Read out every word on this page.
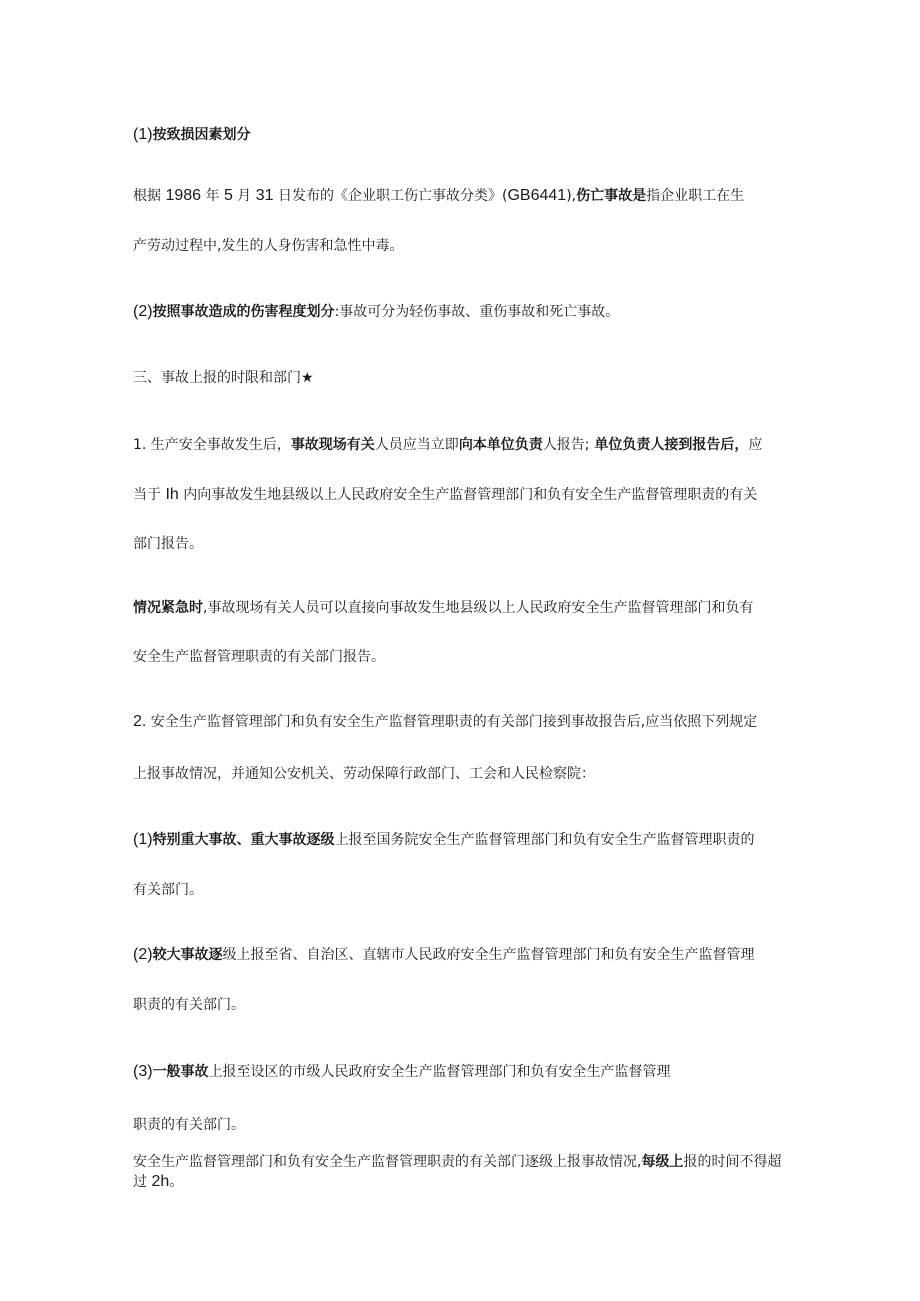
(1)按致损因素划分
根据 1986 年 5 月 31 日发布的《企业职工伤亡事故分类》(GB6441),伤亡事故是指企业职工在生
产劳动过程中,发生的人身伤害和急性中毒。
(2)按照事故造成的伤害程度划分:事故可分为轻伤事故、重伤事故和死亡事故。
三、事故上报的时限和部门★
1. 生产安全事故发生后，事故现场有关人员应当立即向本单位负责人报告; 单位负责人接到报告后，应
当于 Ih 内向事故发生地县级以上人民政府安全生产监督管理部门和负有安全生产监督管理职责的有关
部门报告。
情况紧急时,事故现场有关人员可以直接向事故发生地县级以上人民政府安全生产监督管理部门和负有
安全生产监督管理职责的有关部门报告。
2. 安全生产监督管理部门和负有安全生产监督管理职责的有关部门接到事故报告后,应当依照下列规定
上报事故情况，并通知公安机关、劳动保障行政部门、工会和人民检察院：
(1)特别重大事故、重大事故逐级上报至国务院安全生产监督管理部门和负有安全生产监督管理职责的
有关部门。
(2)较大事故逐级上报至省、自治区、直辖市人民政府安全生产监督管理部门和负有安全生产监督管理
职责的有关部门。
(3)一般事故上报至设区的市级人民政府安全生产监督管理部门和负有安全生产监督管理
职责的有关部门。
安全生产监督管理部门和负有安全生产监督管理职责的有关部门逐级上报事故情况,每级上报的时间不得超过 2h。
